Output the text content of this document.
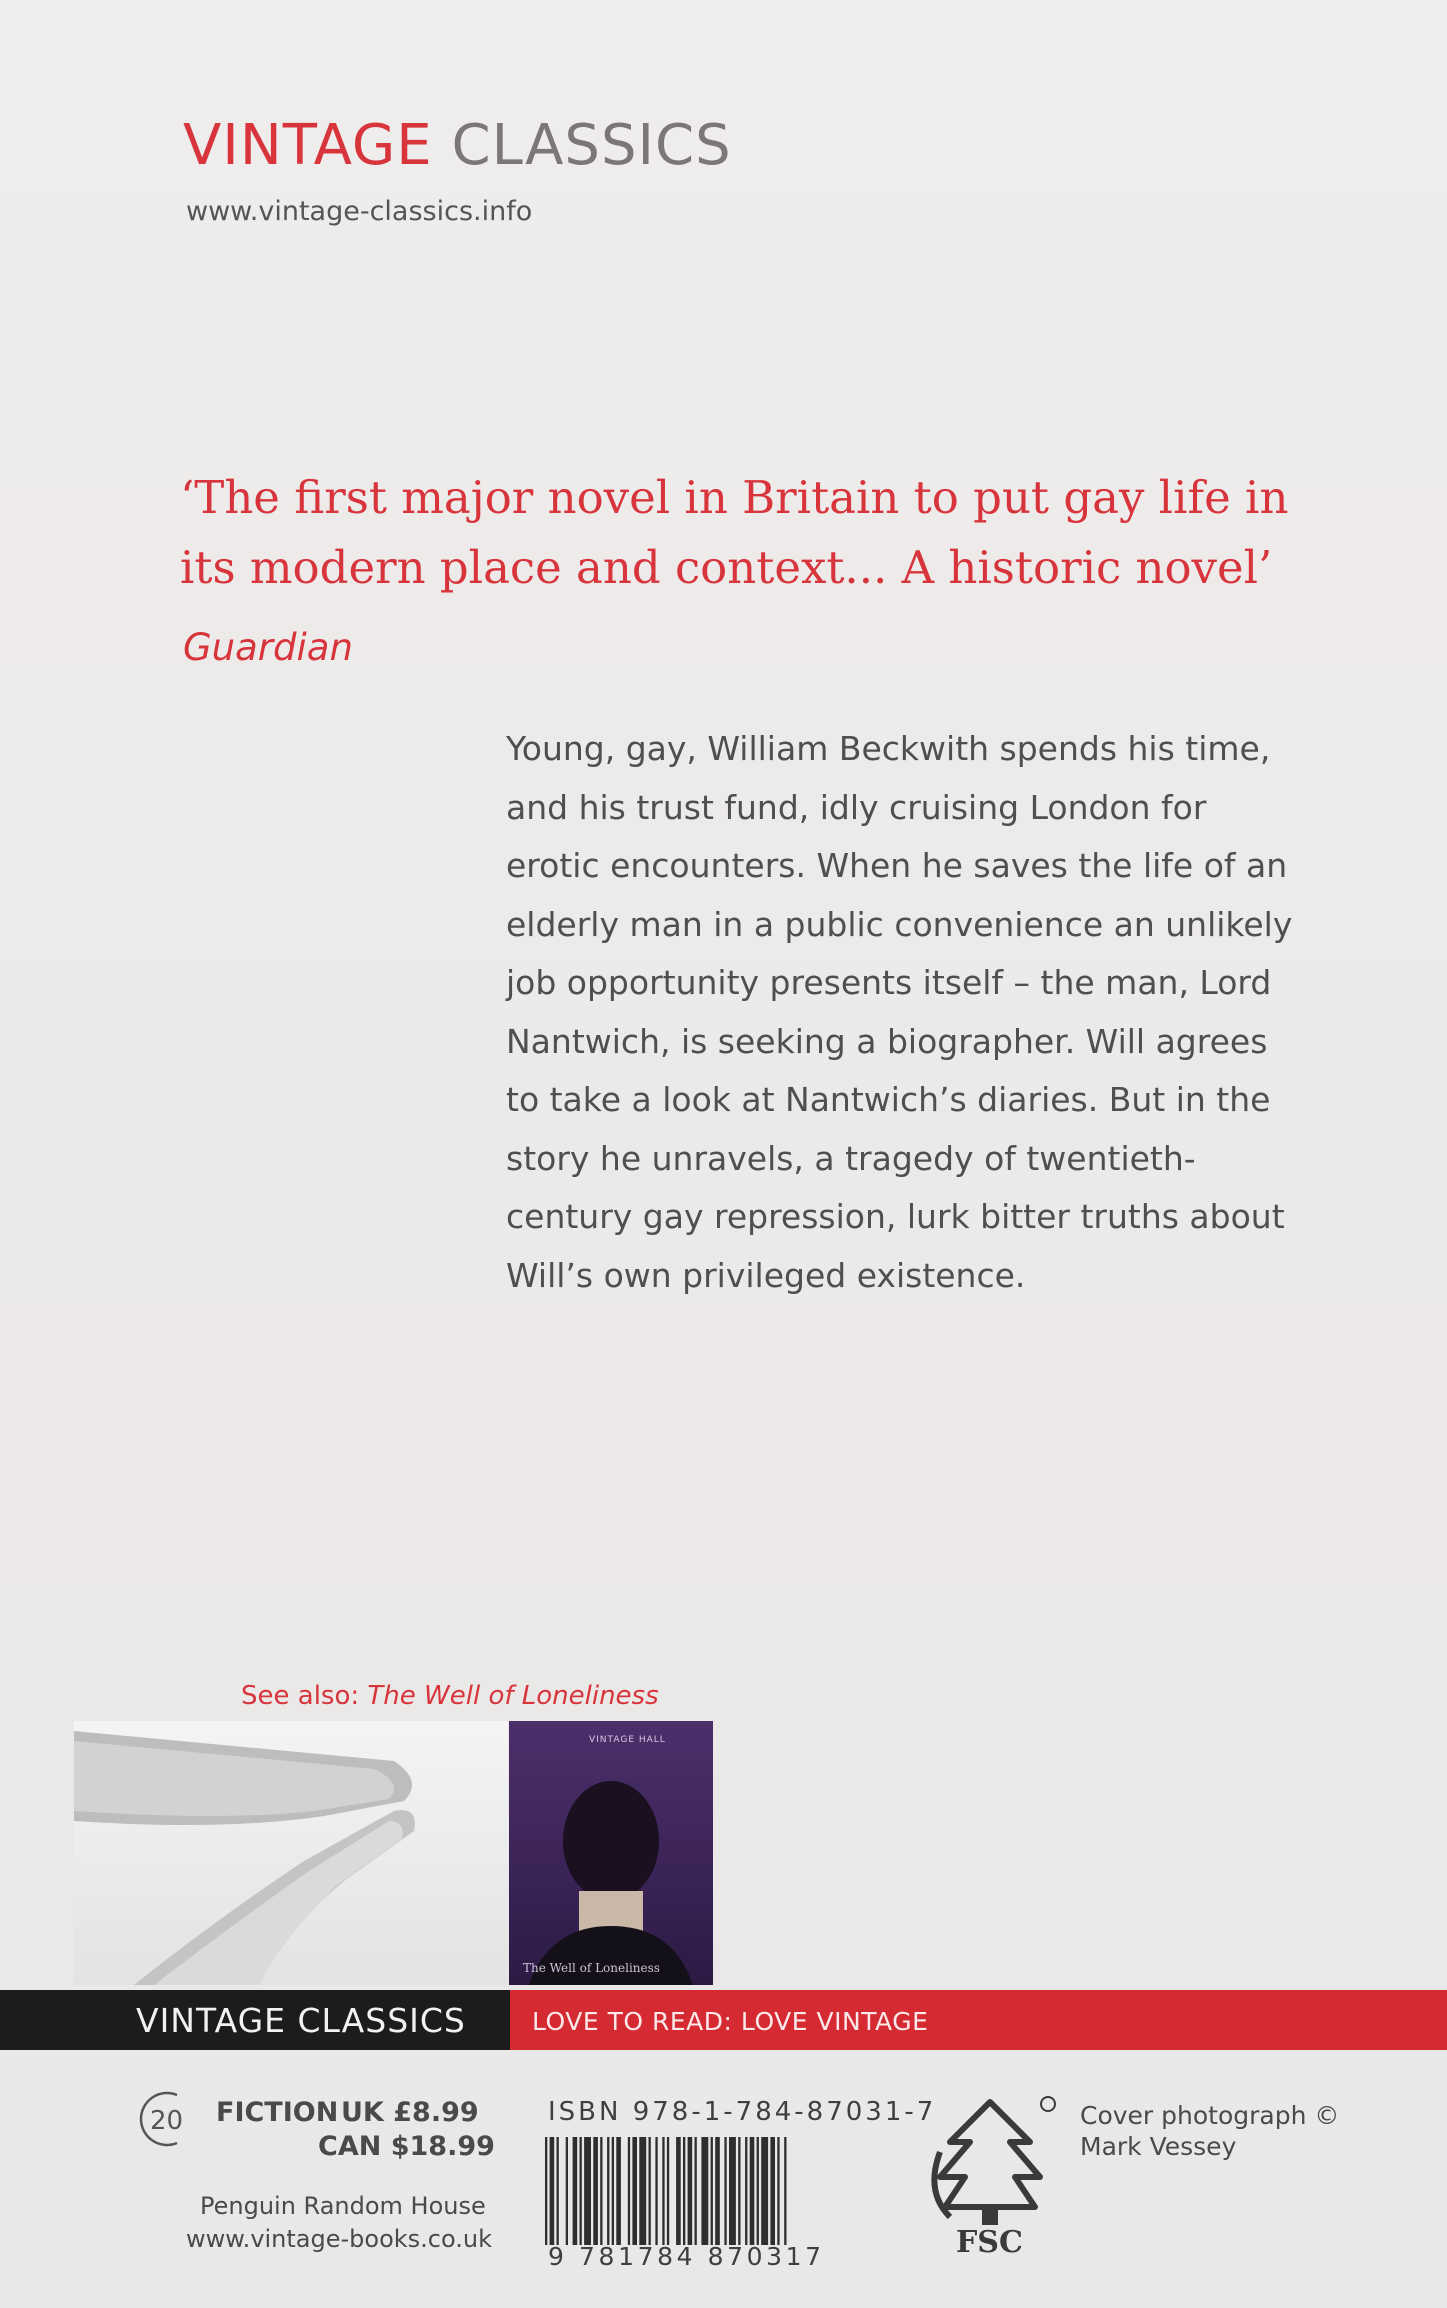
VINTAGE CLASSICS
www.vintage-classics.info
‘The first major novel in Britain to put gay life in
its modern place and context... A historic novel’
Guardian

Young, gay, William Beckwith spends his time,

and his trust fund, idly cruising London for

erotic encounters. When he saves the life of an

elderly man in a public convenience an unlikely

job opportunity presents itself – the man, Lord

Nantwich, is seeking a biographer. Will agrees

to take a look at Nantwich’s diaries. But in the

story he unravels, a tragedy of twentieth-

century gay repression, lurk bitter truths about

Will’s own privileged existence.

See also: The Well of Loneliness
VINTAGE HALL
The Well of Loneliness
VINTAGE CLASSICS	LOVE TO READ: LOVE VINTAGE
20 FICTION UK £8.99
CAN $18.99
Penguin Random House
www.vintage-books.co.uk
ISBN 978-1-784-87031-7
9 781784 870317	FSC
Cover photograph ©
Mark Vessey
